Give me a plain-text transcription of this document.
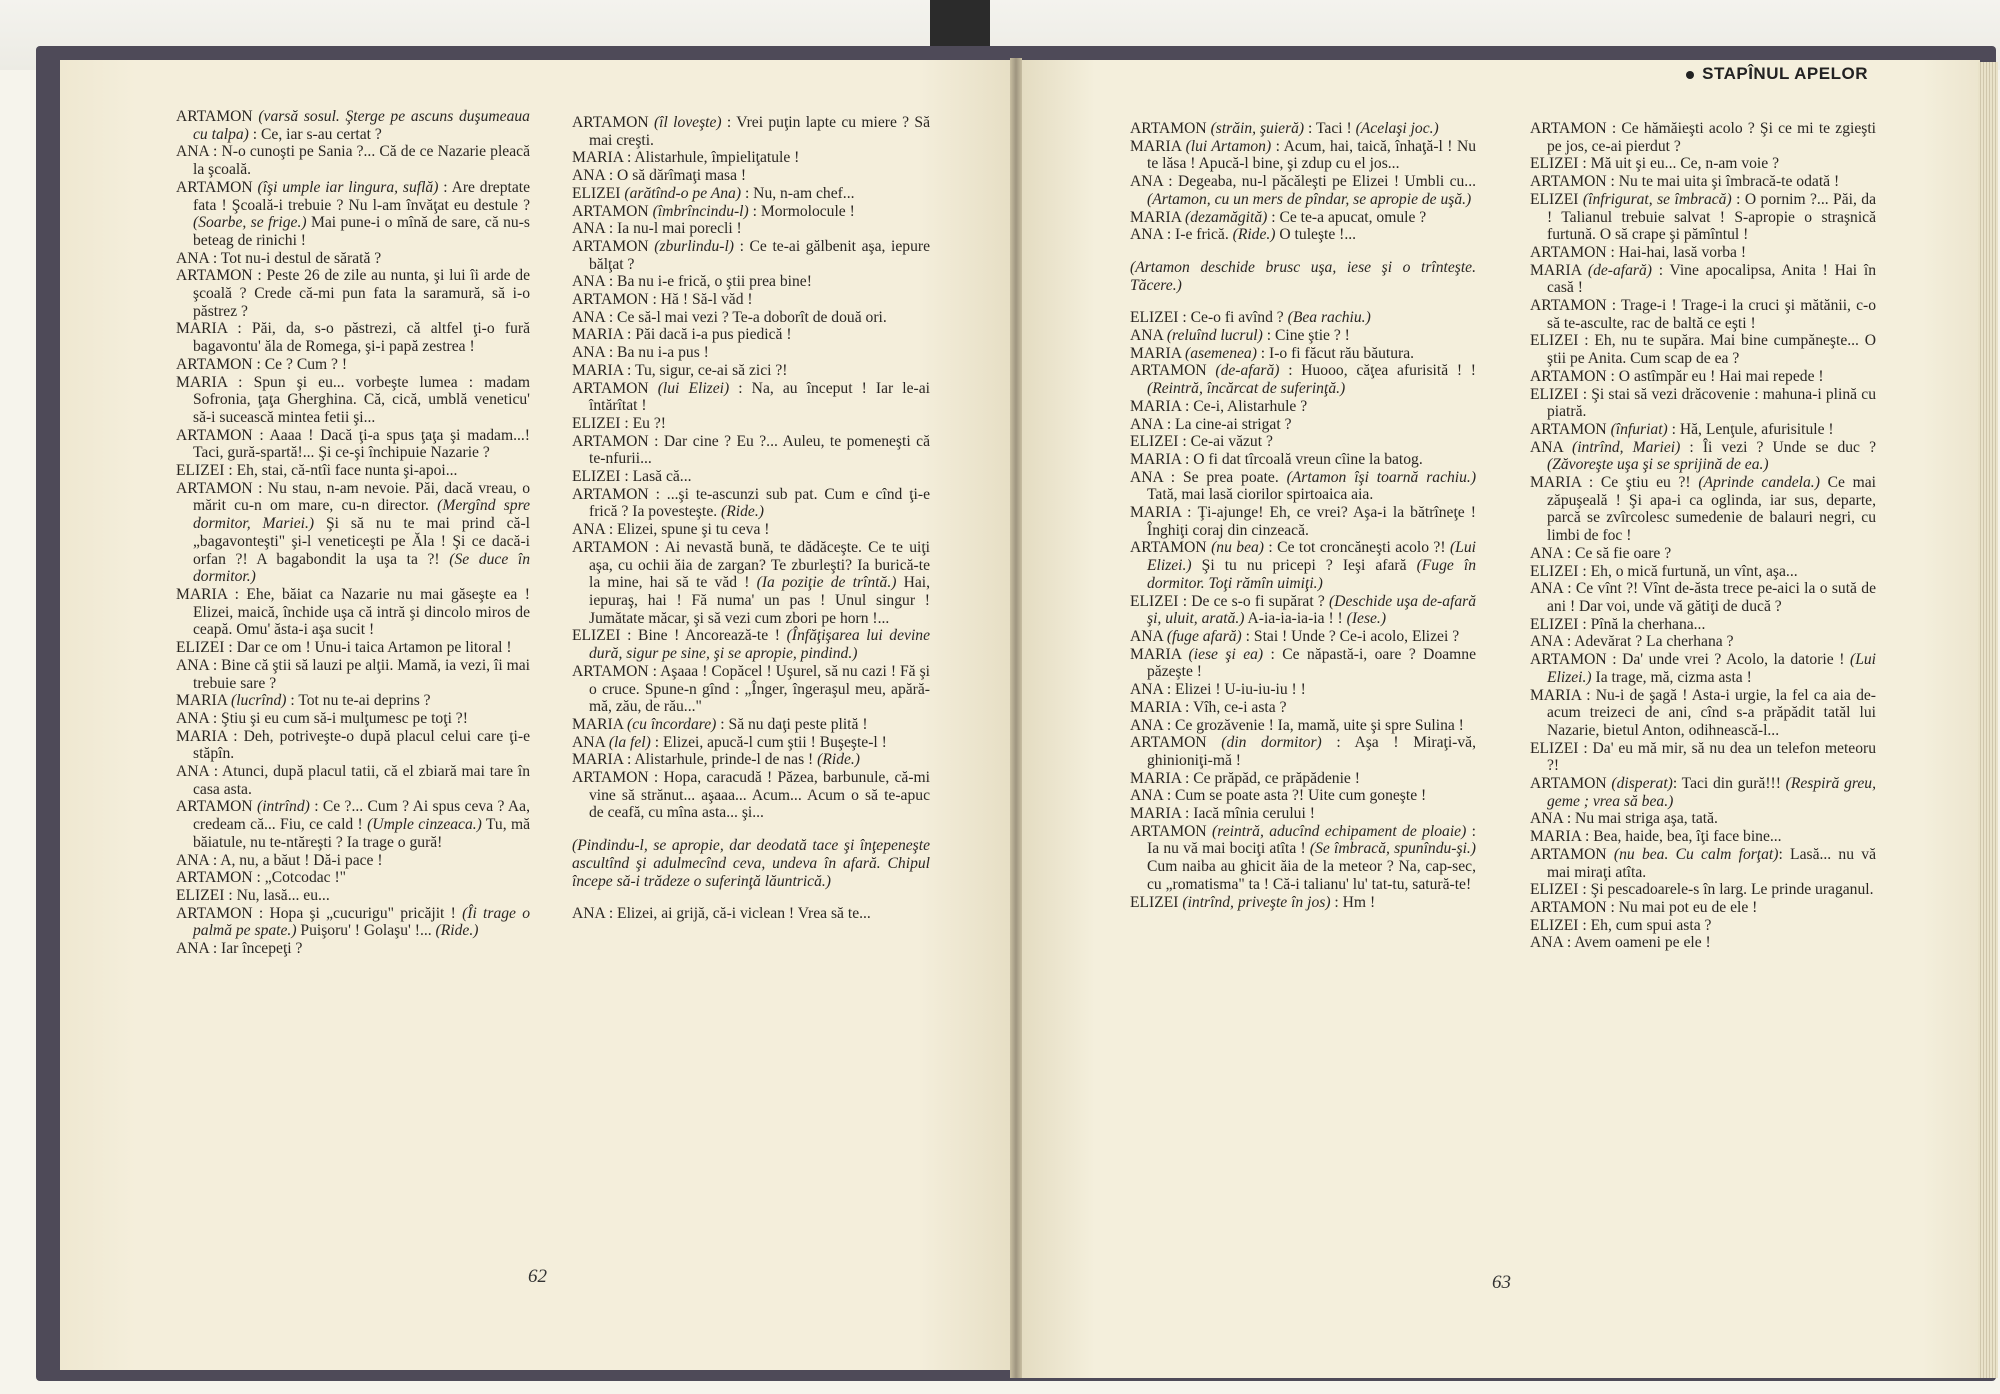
STAPÎNUL APELOR

ARTAMON (varsă sosul. Şterge pe ascuns duşumeaua cu talpa) : Ce, iar s-au certat ?

ANA : N-o cunoşti pe Sania ?... Că de ce Nazarie pleacă la şcoală.

ARTAMON (îşi umple iar lingura, suflă) : Are dreptate fata ! Şcoală-i trebuie ? Nu l-am învăţat eu destule ? (Soarbe, se frige.) Mai pune-i o mînă de sare, că nu-s beteag de rinichi !

ANA : Tot nu-i destul de sărată ?

ARTAMON : Peste 26 de zile au nunta, şi lui îi arde de şcoală ? Crede că-mi pun fata la saramură, să i-o păstrez ?

MARIA : Păi, da, s-o păstrezi, că altfel ţi-o fură bagavontu' ăla de Romega, şi-i papă zestrea !

ARTAMON : Ce ? Cum ? !

MARIA : Spun şi eu... vorbeşte lumea : madam Sofronia, ţaţa Gherghina. Că, cică, umblă veneticu' să-i sucească mintea fetii şi...

ARTAMON : Aaaa ! Dacă ţi-a spus ţaţa şi madam...! Taci, gură-spartă!... Şi ce-şi închipuie Nazarie ?

ELIZEI : Eh, stai, că-ntîi face nunta şi-apoi...

ARTAMON : Nu stau, n-am nevoie. Păi, dacă vreau, o mărit cu-n om mare, cu-n director. (Mergînd spre dormitor, Mariei.) Şi să nu te mai prind că-l „bagavonteşti" şi-l veneticeşti pe Ăla ! Şi ce dacă-i orfan ?! A bagabondit la uşa ta ?! (Se duce în dormitor.)

MARIA : Ehe, băiat ca Nazarie nu mai găseşte ea ! Elizei, maică, închide uşa că intră şi dincolo miros de ceapă. Omu' ăsta-i aşa sucit !

ELIZEI : Dar ce om ! Unu-i taica Artamon pe litoral !

ANA : Bine că ştii să lauzi pe alţii. Mamă, ia vezi, îi mai trebuie sare ?

MARIA (lucrînd) : Tot nu te-ai deprins ?

ANA : Ştiu şi eu cum să-i mulţumesc pe toţi ?!

MARIA : Deh, potriveşte-o după placul celui care ţi-e stăpîn.

ANA : Atunci, după placul tatii, că el zbiară mai tare în casa asta.

ARTAMON (intrînd) : Ce ?... Cum ? Ai spus ceva ? Aa, credeam că... Fiu, ce cald ! (Umple cinzeaca.) Tu, mă băiatule, nu te-ntăreşti ? Ia trage o gură!

ANA : A, nu, a băut ! Dă-i pace !

ARTAMON : „Cotcodac !"

ELIZEI : Nu, lasă... eu...

ARTAMON : Hopa şi „cucurigu" pricăjit ! (Îi trage o palmă pe spate.) Puişoru' ! Golaşu' !... (Ride.)

ANA : Iar începeţi ?

ARTAMON (îl loveşte) : Vrei puţin lapte cu miere ? Să mai creşti.

MARIA : Alistarhule, împieliţatule !

ANA : O să dărîmaţi masa !

ELIZEI (arătînd-o pe Ana) : Nu, n-am chef...

ARTAMON (îmbrîncindu-l) : Mormolocule !

ANA : Ia nu-l mai porecli !

ARTAMON (zburlindu-l) : Ce te-ai gălbenit aşa, iepure bălţat ?

ANA : Ba nu i-e frică, o ştii prea bine!

ARTAMON : Hă ! Să-l văd !

ANA : Ce să-l mai vezi ? Te-a doborît de două ori.

MARIA : Păi dacă i-a pus piedică !

ANA : Ba nu i-a pus !

MARIA : Tu, sigur, ce-ai să zici ?!

ARTAMON (lui Elizei) : Na, au început ! Iar le-ai întărîtat !

ELIZEI : Eu ?!

ARTAMON : Dar cine ? Eu ?... Auleu, te pomeneşti că te-nfurii...

ELIZEI : Lasă că...

ARTAMON : ...şi te-ascunzi sub pat. Cum e cînd ţi-e frică ? Ia povesteşte. (Ride.)

ANA : Elizei, spune şi tu ceva !

ARTAMON : Ai nevastă bună, te dădăceşte. Ce te uiţi aşa, cu ochii ăia de zargan? Te zburleşti? Ia burică-te la mine, hai să te văd ! (Ia poziţie de trîntă.) Hai, iepuraş, hai ! Fă numa' un pas ! Unul singur ! Jumătate măcar, şi să vezi cum zbori pe horn !...

ELIZEI : Bine ! Ancorează-te ! (Înfăţişarea lui devine dură, sigur pe sine, şi se apropie, pindind.)

ARTAMON : Aşaaa ! Copăcel ! Uşurel, să nu cazi ! Fă şi o cruce. Spune-n gînd : „Înger, îngeraşul meu, apără-mă, zău, de rău..."

MARIA (cu încordare) : Să nu daţi peste plită !

ANA (la fel) : Elizei, apucă-l cum ştii ! Buşeşte-l !

MARIA : Alistarhule, prinde-l de nas ! (Ride.)

ARTAMON : Hopa, caracudă ! Păzea, barbunule, că-mi vine să strănut... aşaaa... Acum... Acum o să te-apuc de ceafă, cu mîna asta... şi...

(Pindindu-l, se apropie, dar deodată tace şi înţepeneşte ascultînd şi adulmecînd ceva, undeva în afară. Chipul începe să-i trădeze o suferinţă lăuntrică.)

ANA : Elizei, ai grijă, că-i viclean ! Vrea să te...

ARTAMON (străin, şuieră) : Taci ! (Acelaşi joc.)

MARIA (lui Artamon) : Acum, hai, taică, înhaţă-l ! Nu te lăsa ! Apucă-l bine, şi zdup cu el jos...

ANA : Degeaba, nu-l păcăleşti pe Elizei ! Umbli cu... (Artamon, cu un mers de pîndar, se apropie de uşă.)

MARIA (dezamăgită) : Ce te-a apucat, omule ?

ANA : I-e frică. (Ride.) O tuleşte !...

(Artamon deschide brusc uşa, iese şi o trînteşte. Tăcere.)

ELIZEI : Ce-o fi avînd ? (Bea rachiu.)

ANA (reluînd lucrul) : Cine ştie ? !

MARIA (asemenea) : I-o fi făcut rău băutura.

ARTAMON (de-afară) : Huooo, căţea afurisită ! ! (Reintră, încărcat de suferinţă.)

MARIA : Ce-i, Alistarhule ?

ANA : La cine-ai strigat ?

ELIZEI : Ce-ai văzut ?

MARIA : O fi dat tîrcoală vreun cîine la batog.

ANA : Se prea poate. (Artamon îşi toarnă rachiu.) Tată, mai lasă ciorilor spirtoaica aia.

MARIA : Ţi-ajunge! Eh, ce vrei? Aşa-i la bătrîneţe ! Înghiţi coraj din cinzeacă.

ARTAMON (nu bea) : Ce tot croncăneşti acolo ?! (Lui Elizei.) Şi tu nu pricepi ? Ieşi afară (Fuge în dormitor. Toţi rămîn uimiţi.)

ELIZEI : De ce s-o fi supărat ? (Deschide uşa de-afară şi, uluit, arată.) A-ia-ia-ia-ia ! ! (Iese.)

ANA (fuge afară) : Stai ! Unde ? Ce-i acolo, Elizei ?

MARIA (iese şi ea) : Ce năpastă-i, oare ? Doamne păzeşte !

ANA : Elizei ! U-iu-iu-iu ! !

MARIA : Vîh, ce-i asta ?

ANA : Ce grozăvenie ! Ia, mamă, uite şi spre Sulina !

ARTAMON (din dormitor) : Aşa ! Miraţi-vă, ghinioniţi-mă !

MARIA : Ce prăpăd, ce prăpădenie !

ANA : Cum se poate asta ?! Uite cum goneşte !

MARIA : Iacă mînia cerului !

ARTAMON (reintră, aducînd echipament de ploaie) : Ia nu vă mai bociţi atîta ! (Se îmbracă, spunîndu-şi.) Cum naiba au ghicit ăia de la meteor ? Na, cap-sec, cu „romatisma" ta ! Că-i talianu' lu' tat-tu, satură-te!

ELIZEI (intrînd, priveşte în jos) : Hm !

ARTAMON : Ce hămăieşti acolo ? Şi ce mi te zgieşti pe jos, ce-ai pierdut ?

ELIZEI : Mă uit şi eu... Ce, n-am voie ?

ARTAMON : Nu te mai uita şi îmbracă-te odată !

ELIZEI (înfrigurat, se îmbracă) : O pornim ?... Păi, da ! Talianul trebuie salvat ! S-apropie o straşnică furtună. O să crape şi pămîntul !

ARTAMON : Hai-hai, lasă vorba !

MARIA (de-afară) : Vine apocalipsa, Anita ! Hai în casă !

ARTAMON : Trage-i ! Trage-i la cruci şi mătănii, c-o să te-asculte, rac de baltă ce eşti !

ELIZEI : Eh, nu te supăra. Mai bine cumpăneşte... O ştii pe Anita. Cum scap de ea ?

ARTAMON : O astîmpăr eu ! Hai mai repede !

ELIZEI : Şi stai să vezi drăcovenie : mahuna-i plină cu piatră.

ARTAMON (înfuriat) : Hă, Lenţule, afurisitule !

ANA (intrînd, Mariei) : Îi vezi ? Unde se duc ? (Zăvoreşte uşa şi se sprijină de ea.)

MARIA : Ce ştiu eu ?! (Aprinde candela.) Ce mai zăpuşeală ! Şi apa-i ca oglinda, iar sus, departe, parcă se zvîrcolesc sumedenie de balauri negri, cu limbi de foc !

ANA : Ce să fie oare ?

ELIZEI : Eh, o mică furtună, un vînt, aşa...

ANA : Ce vînt ?! Vînt de-ăsta trece pe-aici la o sută de ani ! Dar voi, unde vă gătiţi de ducă ?

ELIZEI : Pînă la cherhana...

ANA : Adevărat ? La cherhana ?

ARTAMON : Da' unde vrei ? Acolo, la datorie ! (Lui Elizei.) Ia trage, mă, cizma asta !

MARIA : Nu-i de şagă ! Asta-i urgie, la fel ca aia de-acum treizeci de ani, cînd s-a prăpădit tatăl lui Nazarie, bietul Anton, odihnească-l...

ELIZEI : Da' eu mă mir, să nu dea un telefon meteoru ?!

ARTAMON (disperat): Taci din gură!!! (Respiră greu, geme ; vrea să bea.)

ANA : Nu mai striga aşa, tată.

MARIA : Bea, haide, bea, îţi face bine...

ARTAMON (nu bea. Cu calm forţat): Lasă... nu vă mai miraţi atîta.

ELIZEI : Şi pescadoarele-s în larg. Le prinde uraganul.

ARTAMON : Nu mai pot eu de ele !

ELIZEI : Eh, cum spui asta ?

ANA : Avem oameni pe ele !

62	63
